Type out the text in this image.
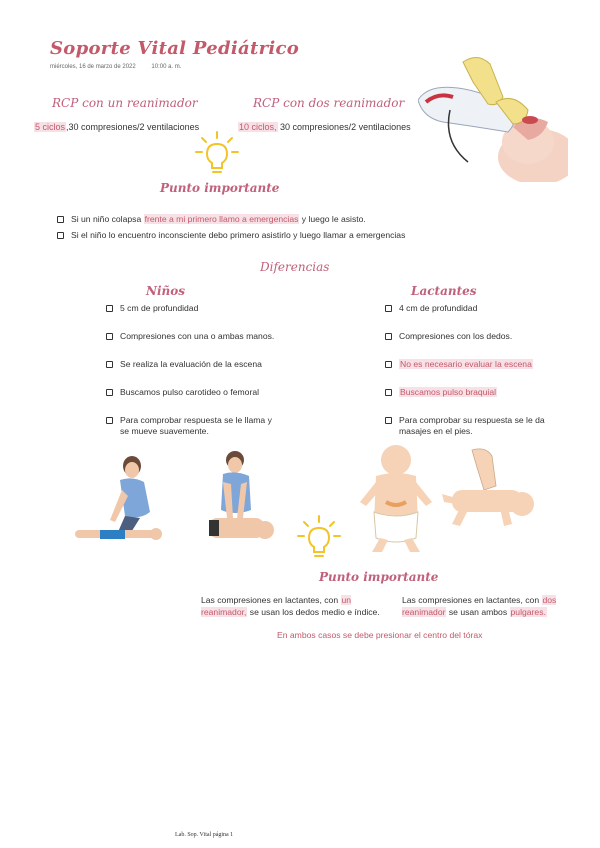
Soporte Vital Pediátrico
miércoles, 16 de marzo de 2022	10:00 a. m.
RCP con un reanimador
5 ciclos,30 compresiones/2 ventilaciones
RCP con dos reanimador
10 ciclos, 30 compresiones/2 ventilaciones
Punto importante
Si un niño colapsa frente a mi primero llamo a emergencias y luego le asisto.
Si el niño lo encuentro inconsciente debo primero asistirlo y luego llamar a emergencias
Diferencias
Niños	Lactantes
5 cm de profundidad
Compresiones con una o ambas manos.
Se realiza la evaluación de la escena
Buscamos pulso carotideo o femoral
Para comprobar respuesta se le llama y se mueve suavemente.
4 cm de profundidad
Compresiones con los dedos.
No es necesario evaluar la escena
Buscamos pulso braquial
Para comprobar su respuesta se le da masajes en el pies.
Punto importante
Las compresiones en lactantes, con un reanimador, se usan los dedos medio e índice.
Las compresiones en lactantes, con dos reanimador se usan ambos pulgares.
En ambos casos se debe presionar el centro del tórax
Lab. Sop. Vital página 1
